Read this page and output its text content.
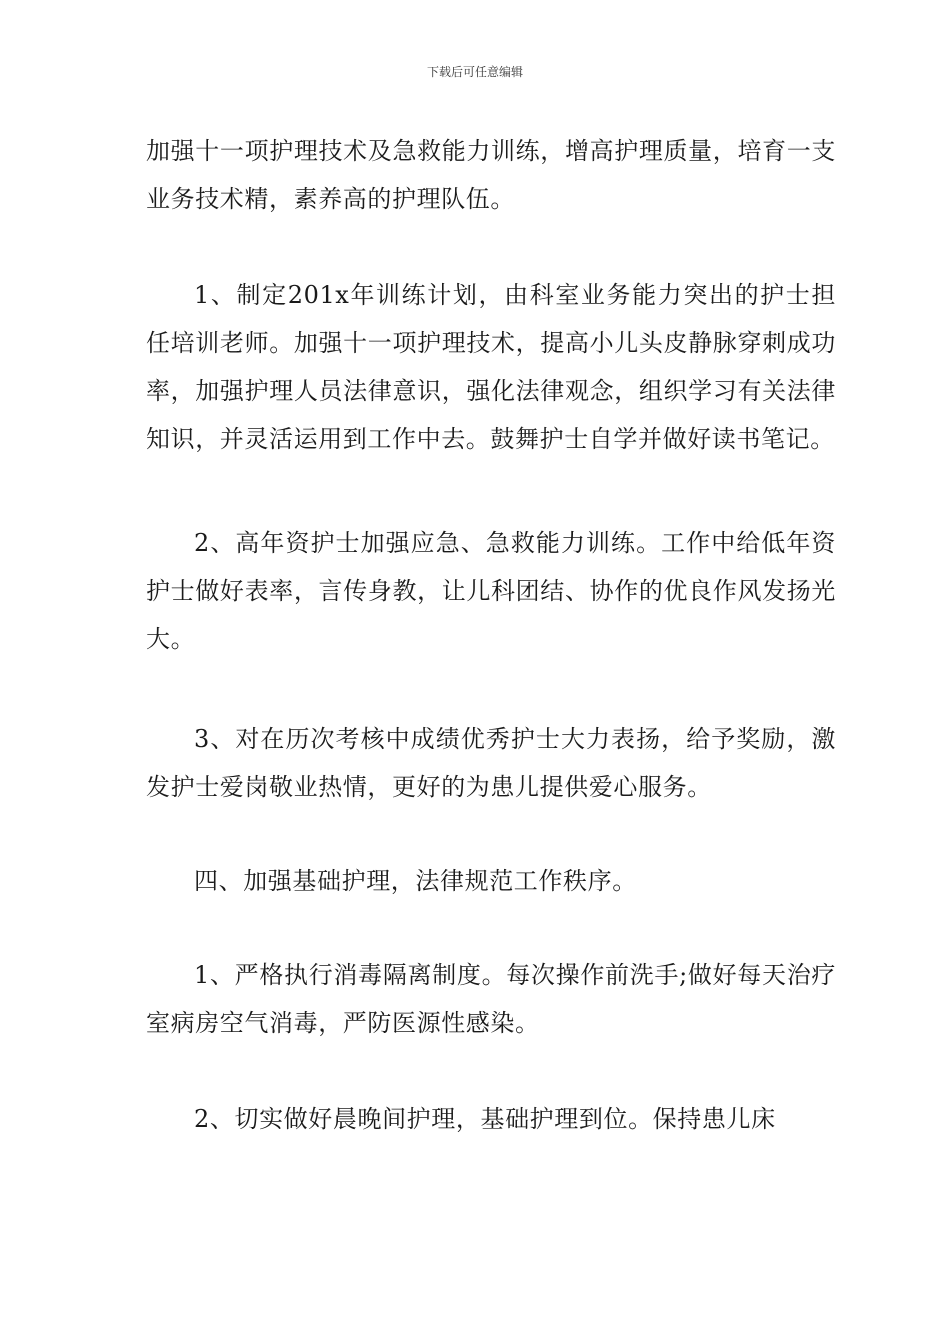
下载后可任意编辑

加强十一项护理技术及急救能力训练，增高护理质量，培育一支业务技术精，素养高的护理队伍。

1、制定201x年训练计划，由科室业务能力突出的护士担任培训老师。加强十一项护理技术，提高小儿头皮静脉穿刺成功率，加强护理人员法律意识，强化法律观念，组织学习有关法律知识，并灵活运用到工作中去。鼓舞护士自学并做好读书笔记。

2、高年资护士加强应急、急救能力训练。工作中给低年资护士做好表率，言传身教，让儿科团结、协作的优良作风发扬光大。

3、对在历次考核中成绩优秀护士大力表扬，给予奖励，激发护士爱岗敬业热情，更好的为患儿提供爱心服务。

四、加强基础护理，法律规范工作秩序。

1、严格执行消毒隔离制度。每次操作前洗手;做好每天治疗室病房空气消毒，严防医源性感染。

2、切实做好晨晚间护理，基础护理到位。保持患儿床
